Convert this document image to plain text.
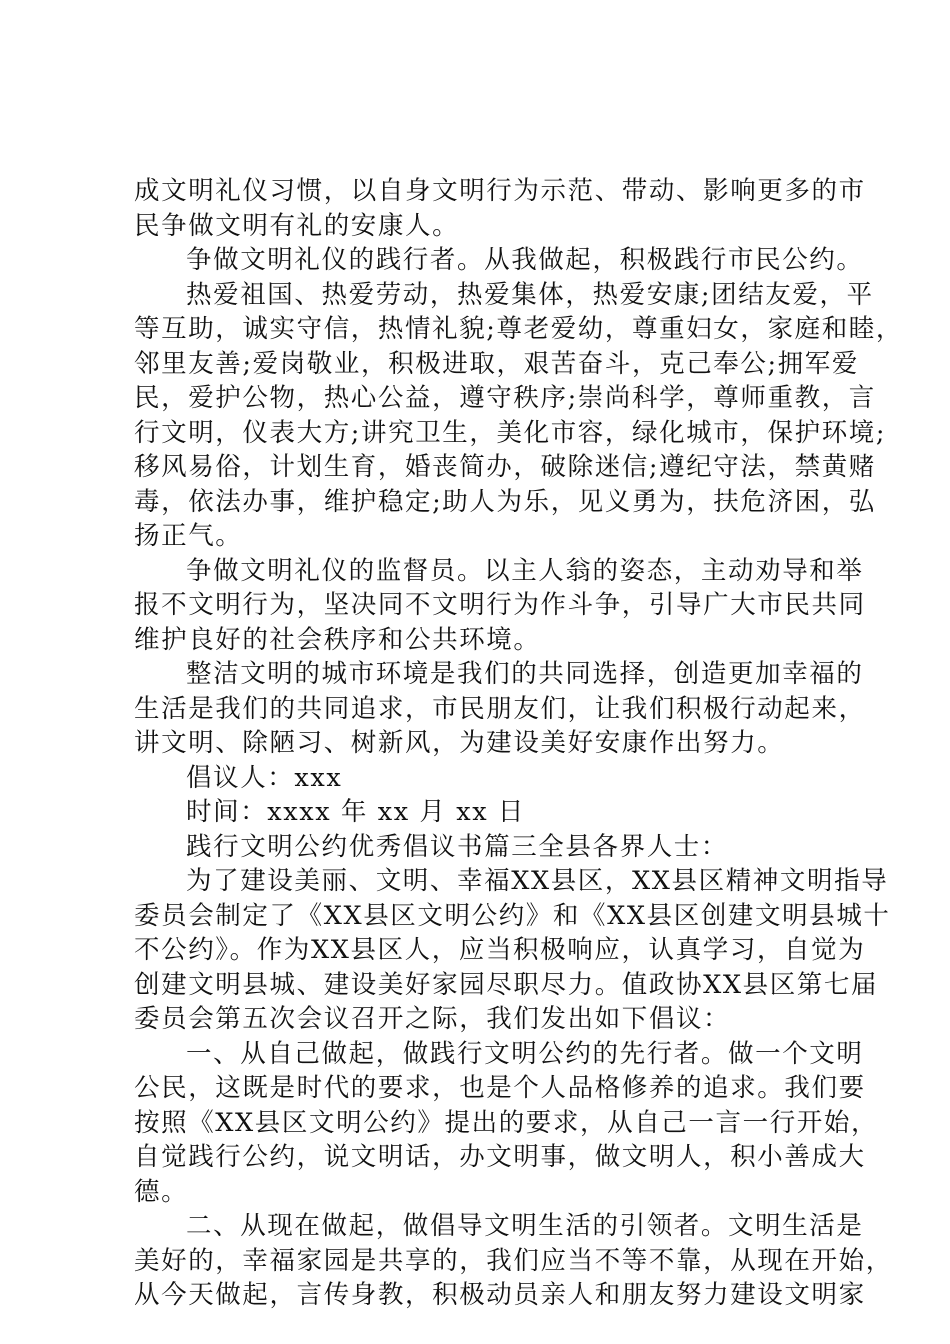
成文明礼仪习惯，以自身文明行为示范、带动、影响更多的市
民争做文明有礼的安康人。
争做文明礼仪的践行者。从我做起，积极践行市民公约。
热爱祖国、热爱劳动，热爱集体，热爱安康;团结友爱，平
等互助，诚实守信，热情礼貌;尊老爱幼，尊重妇女，家庭和睦，
邻里友善;爱岗敬业，积极进取，艰苦奋斗，克己奉公;拥军爱
民，爱护公物，热心公益，遵守秩序;崇尚科学，尊师重教，言
行文明，仪表大方;讲究卫生，美化市容，绿化城市，保护环境;
移风易俗，计划生育，婚丧简办，破除迷信;遵纪守法，禁黄赌
毒，依法办事，维护稳定;助人为乐，见义勇为，扶危济困，弘
扬正气。
争做文明礼仪的监督员。以主人翁的姿态，主动劝导和举
报不文明行为，坚决同不文明行为作斗争，引导广大市民共同
维护良好的社会秩序和公共环境。
整洁文明的城市环境是我们的共同选择，创造更加幸福的
生活是我们的共同追求，市民朋友们，让我们积极行动起来，
讲文明、除陋习、树新风，为建设美好安康作出努力。
倡议人：xxx
时间：xxxx 年 xx 月 xx 日
践行文明公约优秀倡议书篇三全县各界人士：
为了建设美丽、文明、幸福XX县区，XX县区精神文明指导
委员会制定了《XX县区文明公约》和《XX县区创建文明县城十
不公约》。作为XX县区人，应当积极响应，认真学习，自觉为
创建文明县城、建设美好家园尽职尽力。值政协XX县区第七届
委员会第五次会议召开之际，我们发出如下倡议：
一、从自己做起，做践行文明公约的先行者。做一个文明
公民，这既是时代的要求，也是个人品格修养的追求。我们要
按照《XX县区文明公约》提出的要求，从自己一言一行开始，
自觉践行公约，说文明话，办文明事，做文明人，积小善成大
德。
二、从现在做起，做倡导文明生活的引领者。文明生活是
美好的，幸福家园是共享的，我们应当不等不靠，从现在开始，
从今天做起，言传身教，积极动员亲人和朋友努力建设文明家
